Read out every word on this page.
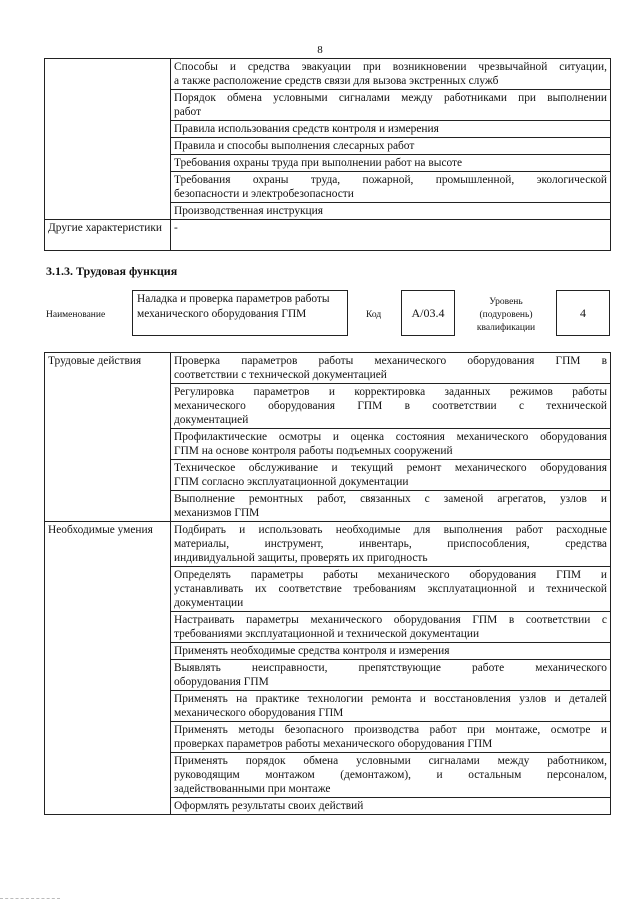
8

	Способы и средства эвакуации при возникновении чрезвычайной ситуации,
а также расположение средств связи для вызова экстренных служб

	Порядок обмена условными сигналами между работниками при выполнении
работ

	Правила использования средств контроля и измерения

	Правила и способы выполнения слесарных работ

	Требования охраны труда при выполнении работ на высоте

	Требования охраны труда, пожарной, промышленной, экологической
безопасности и электробезопасности

	Производственная инструкция

Другие характеристики	-
3.1.3. Трудовая функция
Наименование
Наладка и проверка параметров работы механического оборудования ГПМ	Код	А/03.4
Уровень (подуровень) квалификации
4
Трудовые действия	Проверка параметров работы механического оборудования ГПМ в
соответствии с технической документацией

	Регулировка параметров и корректировка заданных режимов работы
механического оборудования ГПМ в соответствии с технической
документацией

	Профилактические осмотры и оценка состояния механического оборудования
ГПМ на основе контроля работы подъемных сооружений

	Техническое обслуживание и текущий ремонт механического оборудования
ГПМ согласно эксплуатационной документации

	Выполнение ремонтных работ, связанных с заменой агрегатов, узлов и
механизмов ГПМ

Необходимые умения	Подбирать и использовать необходимые для выполнения работ расходные
материалы, инструмент, инвентарь, приспособления, средства
индивидуальной защиты, проверять их пригодность

	Определять параметры работы механического оборудования ГПМ и
устанавливать их соответствие требованиям эксплуатационной и технической
документации

	Настраивать параметры механического оборудования ГПМ в соответствии с
требованиями эксплуатационной и технической документации

	Применять необходимые средства контроля и измерения

	Выявлять неисправности, препятствующие работе механического
оборудования ГПМ

	Применять на практике технологии ремонта и восстановления узлов и деталей
механического оборудования ГПМ

	Применять методы безопасного производства работ при монтаже, осмотре и
проверках параметров работы механического оборудования ГПМ

	Применять порядок обмена условными сигналами между работником,
руководящим монтажом (демонтажом), и остальным персоналом,
задействованными при монтаже

	Оформлять результаты своих действий
